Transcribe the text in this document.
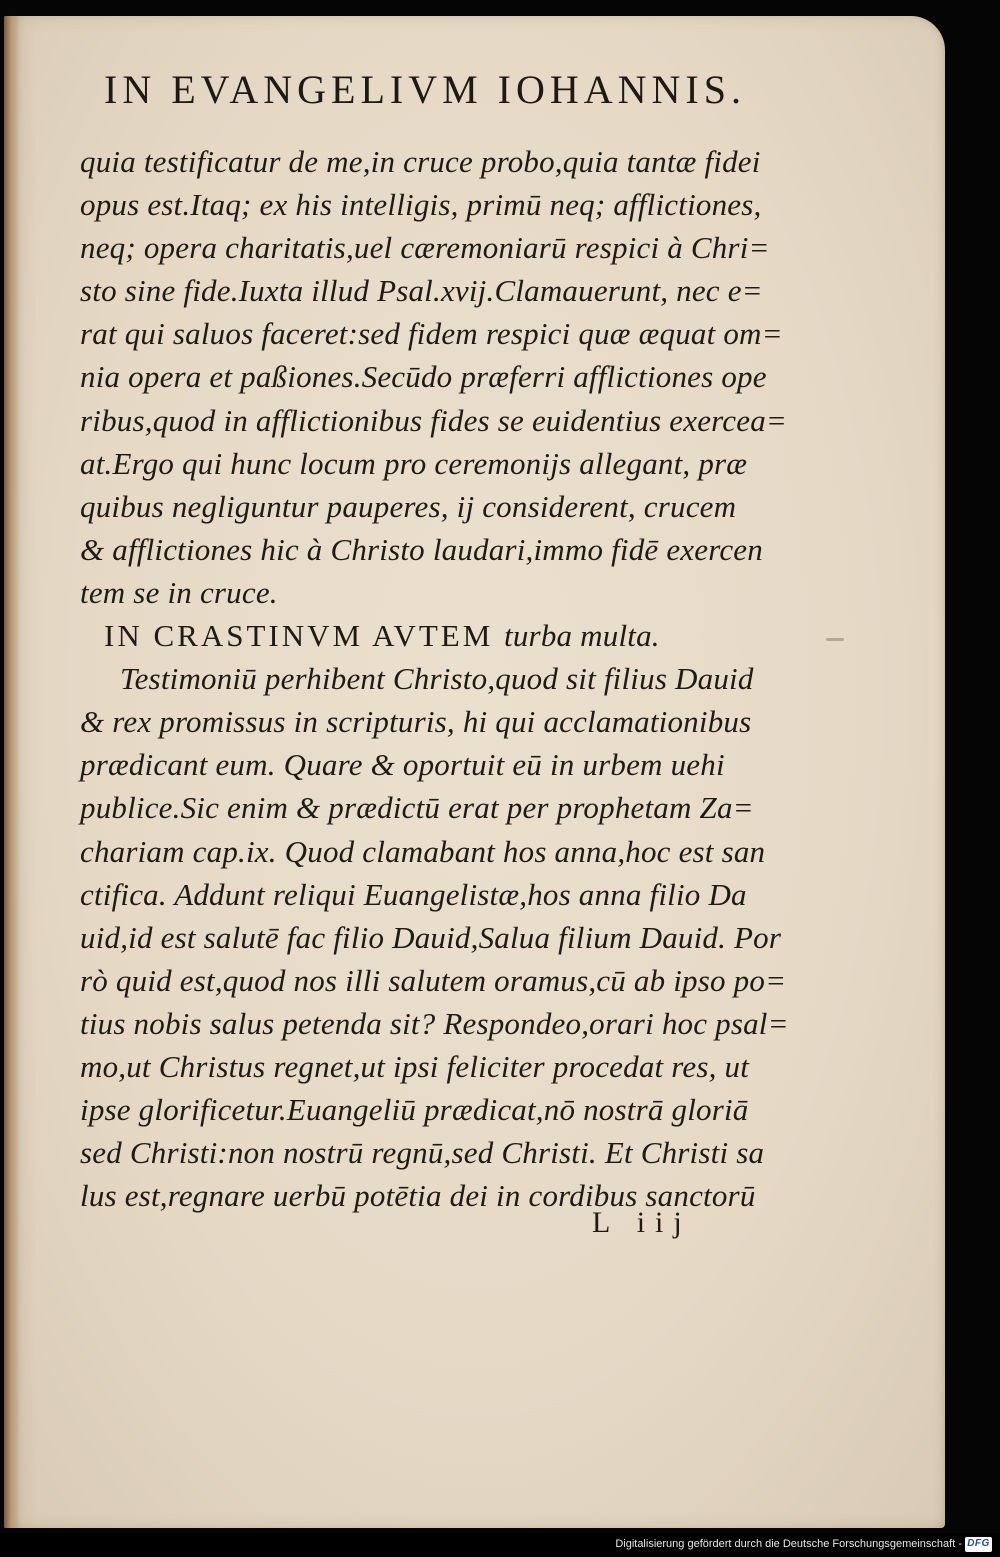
IN EVANGELIVM IOHANNIS.
quia testificatur de me,in cruce probo,quia tantæ fidei
opus est.Itaq; ex his intelligis, primū neq; afflictiones,
neq; opera charitatis,uel cæremoniarū respici à Chri=
sto sine fide.Iuxta illud Psal.xvij.Clamauerunt, nec e=
rat qui saluos faceret:sed fidem respici quæ æquat om=
nia opera et paßiones.Secūdo præferri afflictiones ope
ribus,quod in afflictionibus fides se euidentius exercea=
at.Ergo qui hunc locum pro ceremonijs allegant, præ
quibus negliguntur pauperes, ij considerent, crucem
& afflictiones hic à Christo laudari,immo fidē exercen
tem se in cruce.
IN CRASTINVM AVTEM turba multa.
Testimoniū perhibent Christo,quod sit filius Dauid
& rex promissus in scripturis, hi qui acclamationibus
prædicant eum. Quare & oportuit eū in urbem uehi
publice.Sic enim & prædictū erat per prophetam Za=
chariam cap.ix. Quod clamabant hos anna,hoc est san
ctifica. Addunt reliqui Euangelistæ,hos anna filio Da
uid,id est salutē fac filio Dauid,Salua filium Dauid. Por
rò quid est,quod nos illi salutem oramus,cū ab ipso po=
tius nobis salus petenda sit? Respondeo,orari hoc psal=
mo,ut Christus regnet,ut ipsi feliciter procedat res, ut
ipse glorificetur.Euangeliū prædicat,nō nostrā gloriā
sed Christi:non nostrū regnū,sed Christi. Et Christi sa
lus est,regnare uerbū potētia dei in cordibus sanctorū

L iij

Digitalisierung gefördert durch die Deutsche Forschungsgemeinschaft - DFG
